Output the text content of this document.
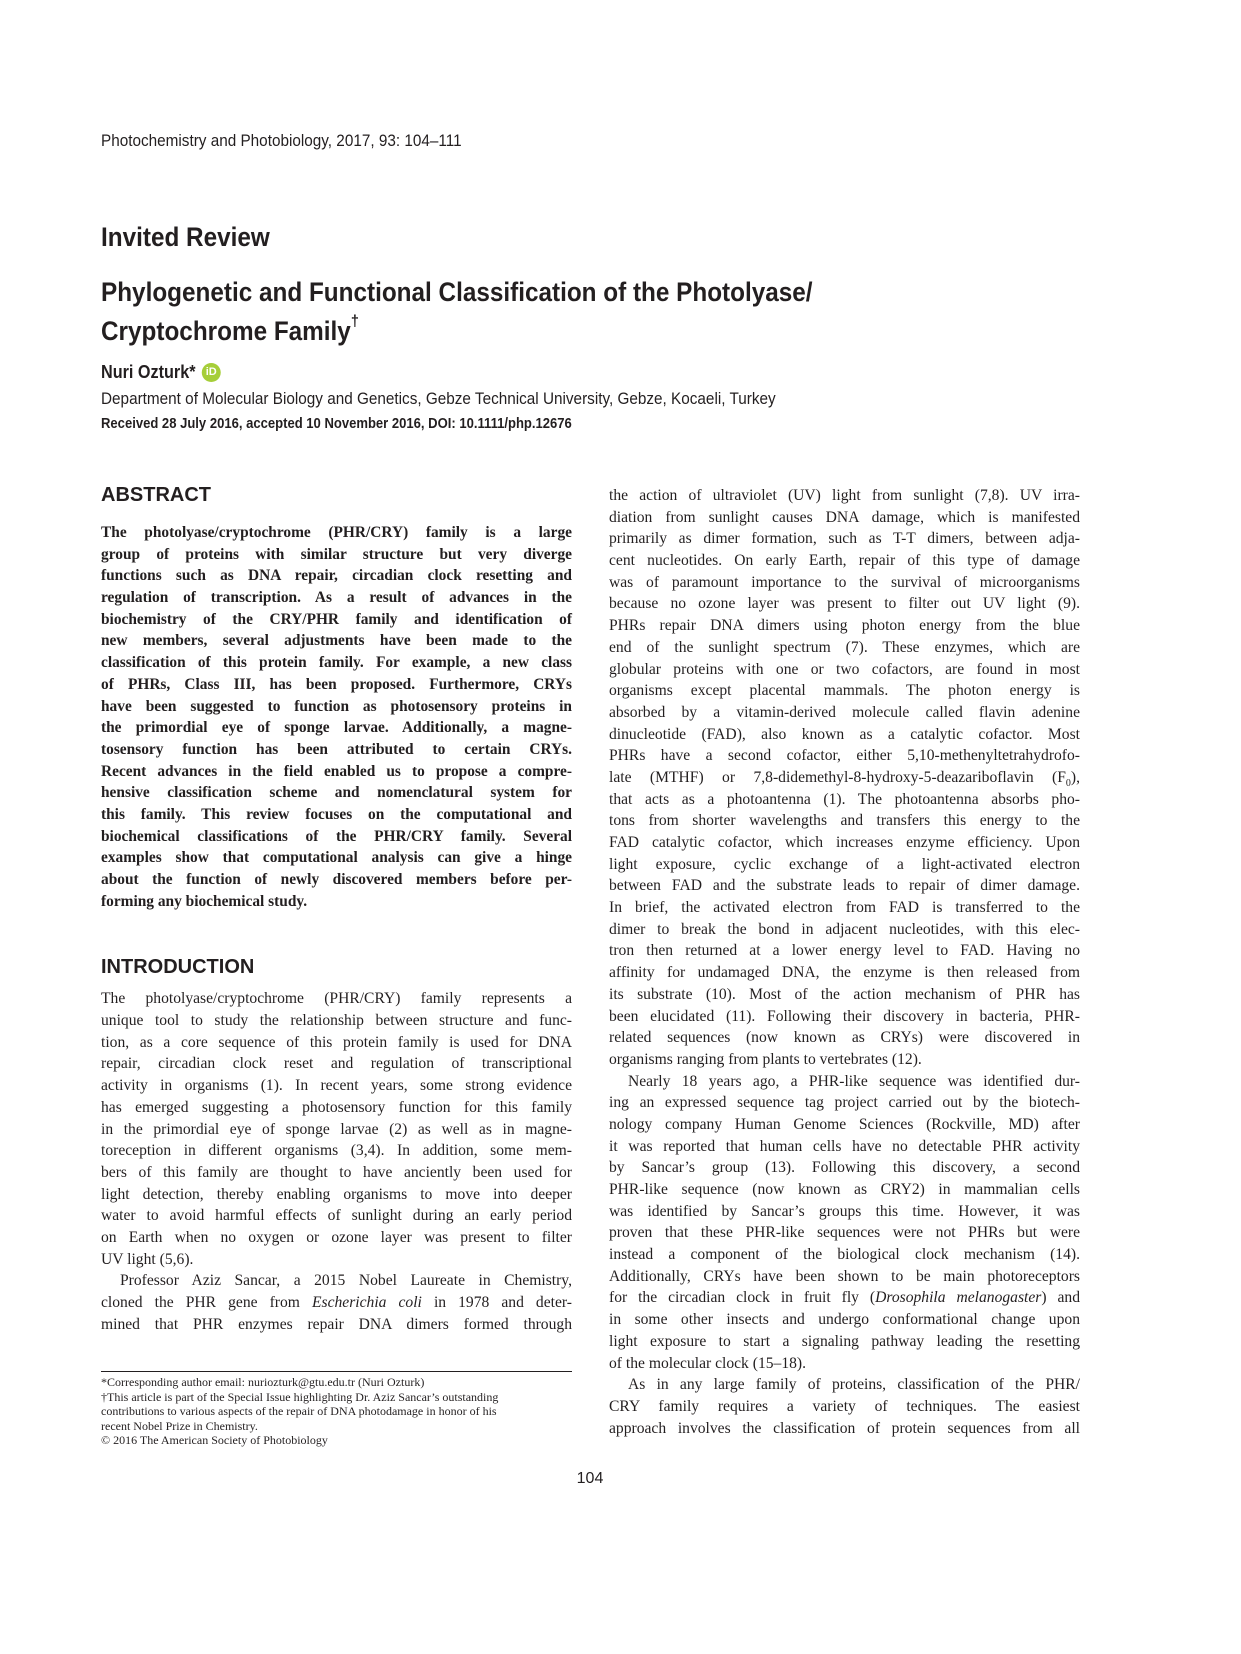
Photochemistry and Photobiology, 2017, 93: 104–111
Invited Review
Phylogenetic and Functional Classification of the Photolyase/
Cryptochrome Family†
Nuri Ozturk* iD
Department of Molecular Biology and Genetics, Gebze Technical University, Gebze, Kocaeli, Turkey
Received 28 July 2016, accepted 10 November 2016, DOI: 10.1111/php.12676
ABSTRACT
The photolyase/cryptochrome (PHR/CRY) family is a large
group of proteins with similar structure but very diverge
functions such as DNA repair, circadian clock resetting and
regulation of transcription. As a result of advances in the
biochemistry of the CRY/PHR family and identification of
new members, several adjustments have been made to the
classification of this protein family. For example, a new class
of PHRs, Class III, has been proposed. Furthermore, CRYs
have been suggested to function as photosensory proteins in
the primordial eye of sponge larvae. Additionally, a magne-
tosensory function has been attributed to certain CRYs.
Recent advances in the field enabled us to propose a compre-
hensive classification scheme and nomenclatural system for
this family. This review focuses on the computational and
biochemical classifications of the PHR/CRY family. Several
examples show that computational analysis can give a hinge
about the function of newly discovered members before per-
forming any biochemical study.
INTRODUCTION
The photolyase/cryptochrome (PHR/CRY) family represents a
unique tool to study the relationship between structure and func-
tion, as a core sequence of this protein family is used for DNA
repair, circadian clock reset and regulation of transcriptional
activity in organisms (1). In recent years, some strong evidence
has emerged suggesting a photosensory function for this family
in the primordial eye of sponge larvae (2) as well as in magne-
toreception in different organisms (3,4). In addition, some mem-
bers of this family are thought to have anciently been used for
light detection, thereby enabling organisms to move into deeper
water to avoid harmful effects of sunlight during an early period
on Earth when no oxygen or ozone layer was present to filter
UV light (5,6).
Professor Aziz Sancar, a 2015 Nobel Laureate in Chemistry,
cloned the PHR gene from Escherichia coli in 1978 and deter-
mined that PHR enzymes repair DNA dimers formed through
the action of ultraviolet (UV) light from sunlight (7,8). UV irra-
diation from sunlight causes DNA damage, which is manifested
primarily as dimer formation, such as T-T dimers, between adja-
cent nucleotides. On early Earth, repair of this type of damage
was of paramount importance to the survival of microorganisms
because no ozone layer was present to filter out UV light (9).
PHRs repair DNA dimers using photon energy from the blue
end of the sunlight spectrum (7). These enzymes, which are
globular proteins with one or two cofactors, are found in most
organisms except placental mammals. The photon energy is
absorbed by a vitamin-derived molecule called flavin adenine
dinucleotide (FAD), also known as a catalytic cofactor. Most
PHRs have a second cofactor, either 5,10-methenyltetrahydrofo-
late (MTHF) or 7,8-didemethyl-8-hydroxy-5-deazariboflavin $(F_0)$,
that acts as a photoantenna (1). The photoantenna absorbs pho-
tons from shorter wavelengths and transfers this energy to the
FAD catalytic cofactor, which increases enzyme efficiency. Upon
light exposure, cyclic exchange of a light-activated electron
between FAD and the substrate leads to repair of dimer damage.
In brief, the activated electron from FAD is transferred to the
dimer to break the bond in adjacent nucleotides, with this elec-
tron then returned at a lower energy level to FAD. Having no
affinity for undamaged DNA, the enzyme is then released from
its substrate (10). Most of the action mechanism of PHR has
been elucidated (11). Following their discovery in bacteria, PHR-
related sequences (now known as CRYs) were discovered in
organisms ranging from plants to vertebrates (12).
Nearly 18 years ago, a PHR-like sequence was identified dur-
ing an expressed sequence tag project carried out by the biotech-
nology company Human Genome Sciences (Rockville, MD) after
it was reported that human cells have no detectable PHR activity
by Sancar’s group (13). Following this discovery, a second
PHR-like sequence (now known as CRY2) in mammalian cells
was identified by Sancar’s groups this time. However, it was
proven that these PHR-like sequences were not PHRs but were
instead a component of the biological clock mechanism (14).
Additionally, CRYs have been shown to be main photoreceptors
for the circadian clock in fruit fly (Drosophila melanogaster) and
in some other insects and undergo conformational change upon
light exposure to start a signaling pathway leading the resetting
of the molecular clock (15–18).
As in any large family of proteins, classification of the PHR/
CRY family requires a variety of techniques. The easiest
approach involves the classification of protein sequences from all
*Corresponding author email: nuriozturk@gtu.edu.tr (Nuri Ozturk)
†This article is part of the Special Issue highlighting Dr. Aziz Sancar’s outstanding
contributions to various aspects of the repair of DNA photodamage in honor of his
recent Nobel Prize in Chemistry.
© 2016 The American Society of Photobiology
104
